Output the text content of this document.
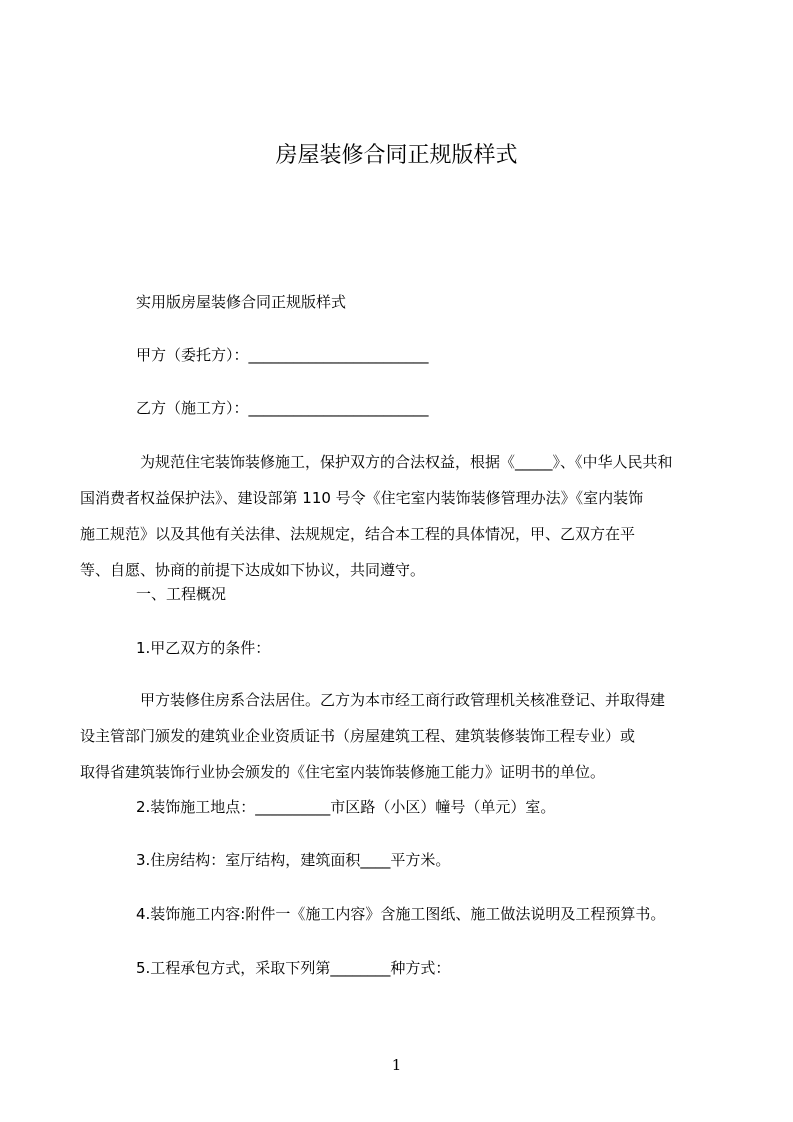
房屋装修合同正规版样式
实用版房屋装修合同正规版样式
甲方（委托方）：________________________
乙方（施工方）：________________________
为规范住宅装饰装修施工，保护双方的合法权益，根据《_____》、《中华人民共和
国消费者权益保护法》、建设部第 110 号令《住宅室内装饰装修管理办法》《室内装饰
施工规范》以及其他有关法律、法规规定，结合本工程的具体情况，甲、乙双方在平
等、自愿、协商的前提下达成如下协议，共同遵守。
一、工程概况
1.甲乙双方的条件：
甲方装修住房系合法居住。乙方为本市经工商行政管理机关核准登记、并取得建
设主管部门颁发的建筑业企业资质证书（房屋建筑工程、建筑装修装饰工程专业）或
取得省建筑装饰行业协会颁发的《住宅室内装饰装修施工能力》证明书的单位。
2.装饰施工地点：__________市区路（小区）幢号（单元）室。
3.住房结构：室厅结构，建筑面积____平方米。
4.装饰施工内容:附件一《施工内容》含施工图纸、施工做法说明及工程预算书。
5.工程承包方式，采取下列第________种方式：
1
